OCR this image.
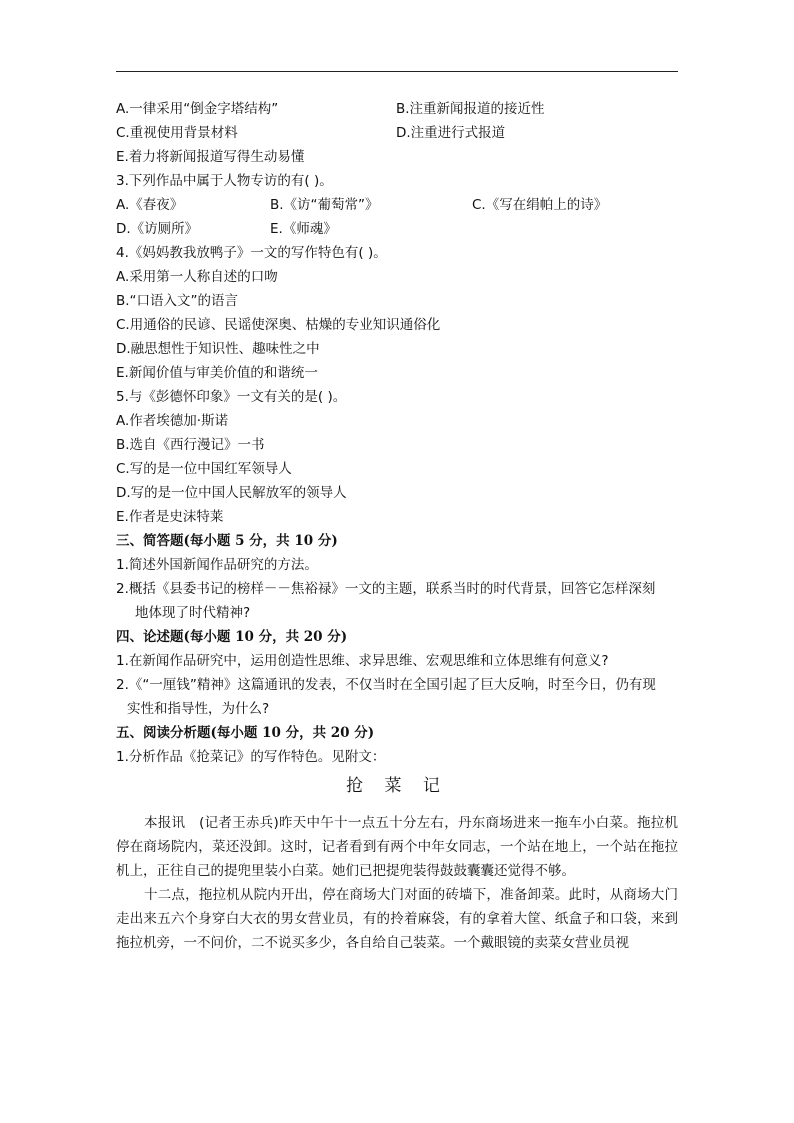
A.一律采用“倒金字塔结构”	B.注重新闻报道的接近性
C.重视使用背景材料	D.注重进行式报道
E.着力将新闻报道写得生动易懂
3.下列作品中属于人物专访的有( )。
A.《春夜》	B.《访“葡萄常”》	C.《写在绢帕上的诗》
D.《访厕所》	E.《师魂》
4.《妈妈教我放鸭子》一文的写作特色有( )。
A.采用第一人称自述的口吻
B.“口语入文”的语言
C.用通俗的民谚、民谣使深奥、枯燥的专业知识通俗化
D.融思想性于知识性、趣味性之中
E.新闻价值与审美价值的和谐统一
5.与《彭德怀印象》一文有关的是( )。
A.作者埃德加·斯诺
B.选自《西行漫记》一书
C.写的是一位中国红军领导人
D.写的是一位中国人民解放军的领导人
E.作者是史沫特莱
三、简答题(每小题 5 分，共 10 分)
1.简述外国新闻作品研究的方法。
2.概括《县委书记的榜样－－焦裕禄》一文的主题，联系当时的时代背景，回答它怎样深刻
地体现了时代精神?
四、论述题(每小题 10 分，共 20 分)
1.在新闻作品研究中，运用创造性思维、求异思维、宏观思维和立体思维有何意义?
2.《“一厘钱”精神》这篇通讯的发表，不仅当时在全国引起了巨大反响，时至今日，仍有现
实性和指导性，为什么?
五、阅读分析题(每小题 10 分，共 20 分)
1.分析作品《抢菜记》的写作特色。见附文：
抢 菜 记
本报讯　(记者王赤兵)昨天中午十一点五十分左右，丹东商场进来一拖车小白菜。拖拉机停在商场院内，菜还没卸。这时，记者看到有两个中年女同志，一个站在地上，一个站在拖拉机上，正往自己的提兜里装小白菜。她们已把提兜装得鼓鼓囊囊还觉得不够。
十二点，拖拉机从院内开出，停在商场大门对面的砖墙下，准备卸菜。此时，从商场大门走出来五六个身穿白大衣的男女营业员，有的拎着麻袋，有的拿着大筐、纸盒子和口袋，来到拖拉机旁，一不问价，二不说买多少，各自给自己装菜。一个戴眼镜的卖菜女营业员视
